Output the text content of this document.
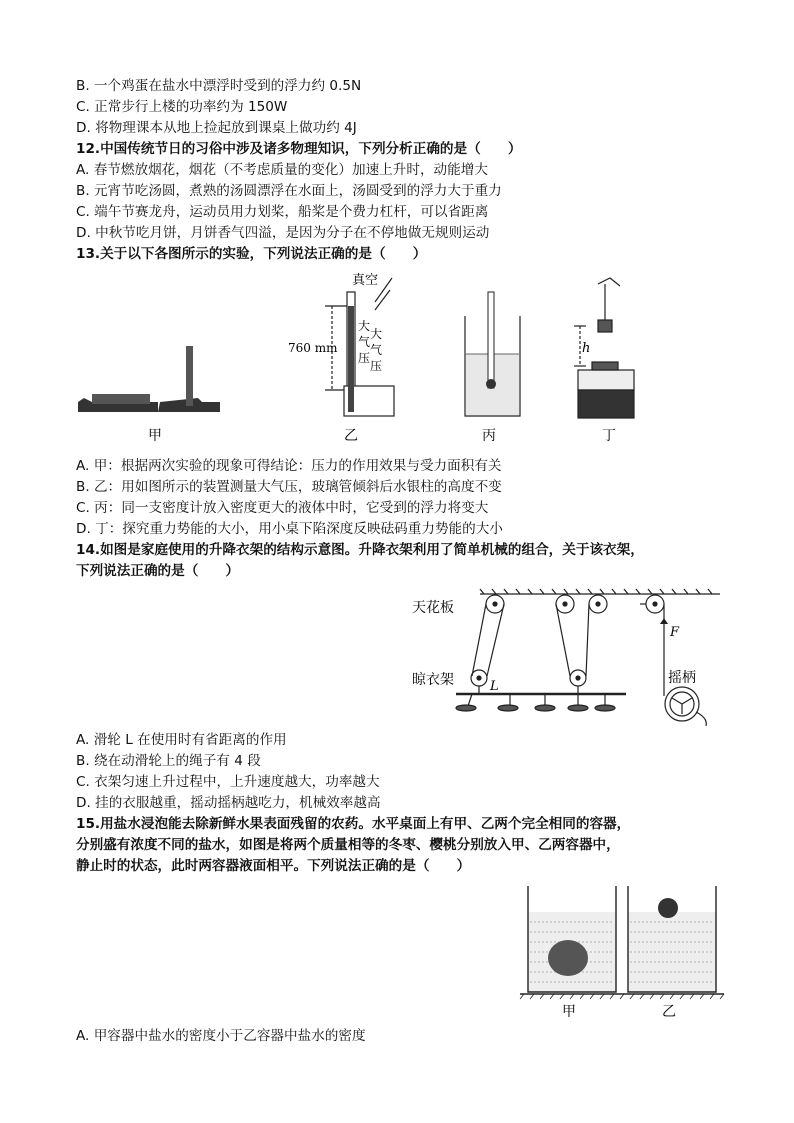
B. 一个鸡蛋在盐水中漂浮时受到的浮力约 0.5N
C. 正常步行上楼的功率约为 150W
D. 将物理课本从地上捡起放到课桌上做功约 4J
12.中国传统节日的习俗中涉及诸多物理知识，下列分析正确的是（　　）
A. 春节燃放烟花，烟花（不考虑质量的变化）加速上升时，动能增大
B. 元宵节吃汤圆，煮熟的汤圆漂浮在水面上，汤圆受到的浮力大于重力
C. 端午节赛龙舟，运动员用力划桨，船桨是个费力杠杆，可以省距离
D. 中秋节吃月饼，月饼香气四溢，是因为分子在不停地做无规则运动
13.关于以下各图所示的实验，下列说法正确的是（　　）
甲
真空
760 mm
大
气
压
大
气
压
乙	丙
h
丁
A. 甲：根据两次实验的现象可得结论：压力的作用效果与受力面积有关
B. 乙：用如图所示的装置测量大气压，玻璃管倾斜后水银柱的高度不变
C. 丙：同一支密度计放入密度更大的液体中时，它受到的浮力将变大
D. 丁：探究重力势能的大小，用小桌下陷深度反映砝码重力势能的大小
14.如图是家庭使用的升降衣架的结构示意图。升降衣架利用了简单机械的组合，关于该衣架，
下列说法正确的是（　　）
天花板
晾衣架	L
F
摇柄
A. 滑轮 L 在使用时有省距离的作用
B. 绕在动滑轮上的绳子有 4 段
C. 衣架匀速上升过程中，上升速度越大，功率越大
D. 挂的衣服越重，摇动摇柄越吃力，机械效率越高
15.用盐水浸泡能去除新鲜水果表面残留的农药。水平桌面上有甲、乙两个完全相同的容器，
分别盛有浓度不同的盐水，如图是将两个质量相等的冬枣、樱桃分别放入甲、乙两容器中，
静止时的状态，此时两容器液面相平。下列说法正确的是（　　）
甲	乙
A. 甲容器中盐水的密度小于乙容器中盐水的密度
